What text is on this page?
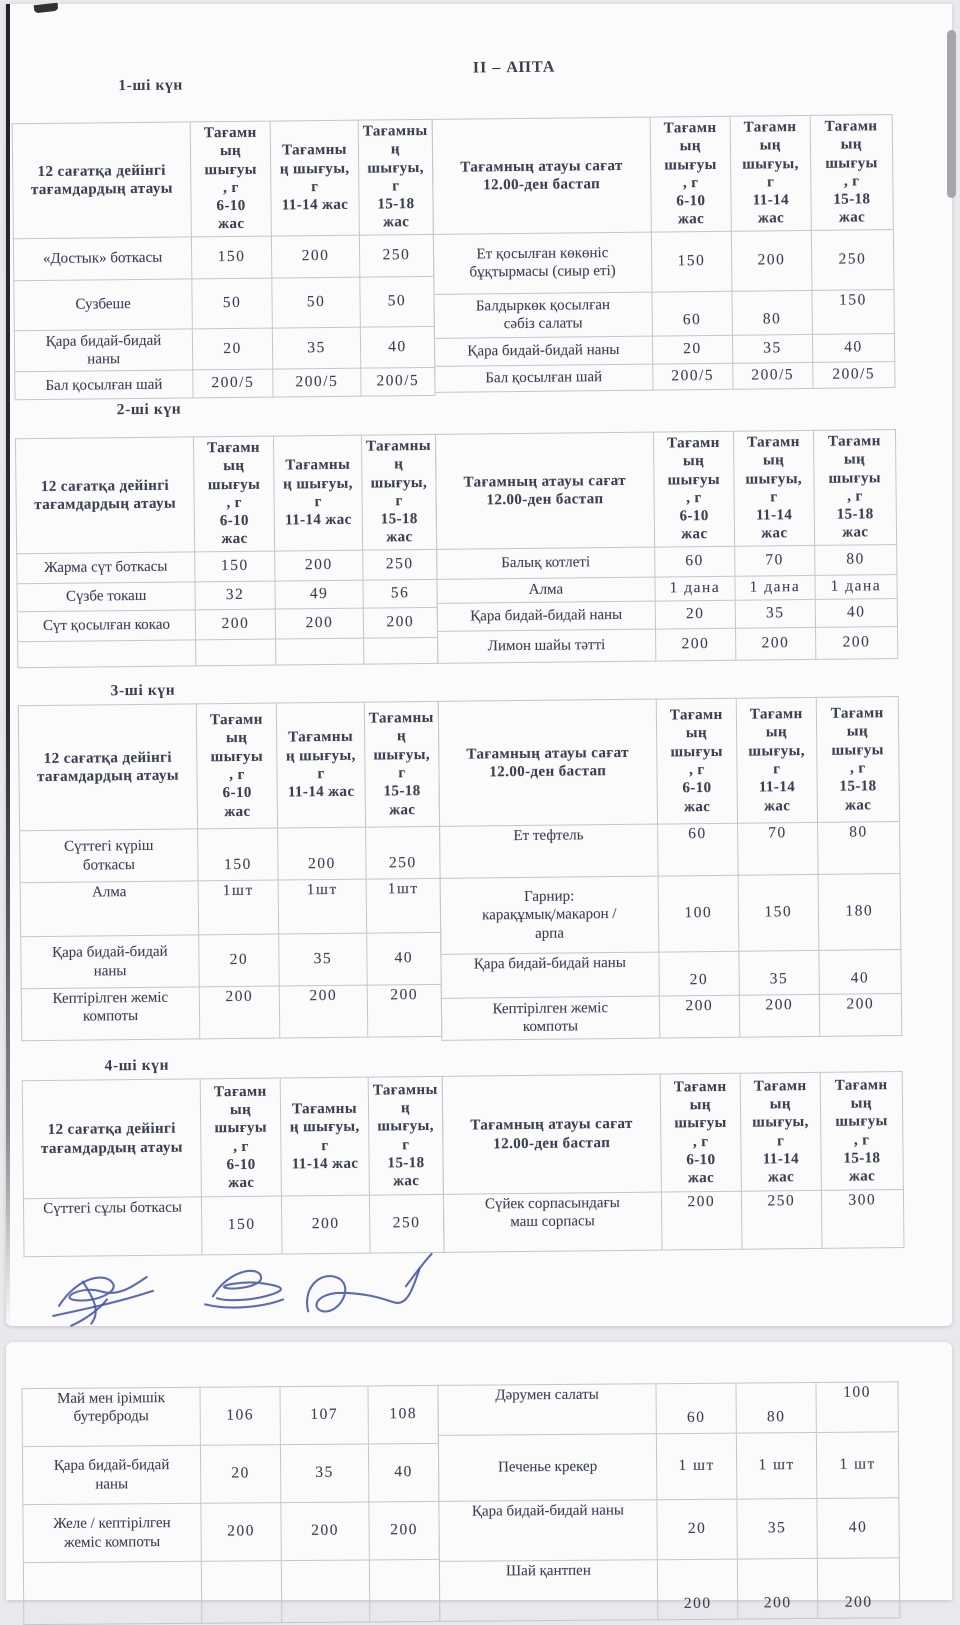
II – АПТА
1-ші күн
12 сағатқа дейінгі
тағамдардың атауы	Тағамн
ың
шығуы
, г
6-10
жас	Тағамны
ң шығуы,
г
11-14 жас	Тағамны
ң
шығуы,
г
15-18
жас
«Достык» боткасы	150	200	250
Сузбеше	50	50	50
Қара бидай-бидай
наны	20	35	40
Бал қосылған шай	200/5	200/5	200/5
Тағамның атауы сағат
12.00-ден бастап	Тағамн
ың
шығуы
, г
6-10
жас	Тағамн
ың
шығуы,
г
11-14
жас	Тағамн
ың
шығуы
, г
15-18
жас
Ет қосылған көкөніс
бұқтырмасы (сиыр еті)	150	200	250
Балдыркөк қосылған
сәбіз салаты	60	80	150
Қара бидай-бидай наны	20	35	40
Бал қосылған шай	200/5	200/5	200/5
2-ші күн
12 сағатқа дейінгі
тағамдардың атауы	Тағамн
ың
шығуы
, г
6-10
жас	Тағамны
ң шығуы,
г
11-14 жас	Тағамны
ң
шығуы,
г
15-18
жас
Жарма сүт боткасы	150	200	250
Сүзбе токаш	32	49	56
Сүт қосылған кокао	200	200	200

Тағамның атауы сағат
12.00-ден бастап	Тағамн
ың
шығуы
, г
6-10
жас	Тағамн
ың
шығуы,
г
11-14
жас	Тағамн
ың
шығуы
, г
15-18
жас
Балық котлеті	60	70	80
Алма	1 дана	1 дана	1 дана
Қара бидай-бидай наны	20	35	40
Лимон шайы тәтті	200	200	200
3-ші күн
12 сағатқа дейінгі
тағамдардың атауы	Тағамн
ың
шығуы
, г
6-10
жас	Тағамны
ң шығуы,
г
11-14 жас	Тағамны
ң
шығуы,
г
15-18
жас
Сүттегі күріш
боткасы	150	200	250
Алма	1шт	1шт	1шт
Қара бидай-бидай
наны	20	35	40
Кептірілген жеміс
компоты	200	200	200
Тағамның атауы сағат
12.00-ден бастап	Тағамн
ың
шығуы
, г
6-10
жас	Тағамн
ың
шығуы,
г
11-14
жас	Тағамн
ың
шығуы
, г
15-18
жас
Ет тефтель	60	70	80
Гарнир:
карақұмық/макарон /
арпа	100	150	180
Қара бидай-бидай наны	20	35	40
Кептірілген жеміс
компоты	200	200	200
4-ші күн
12 сағатқа дейінгі
тағамдардың атауы	Тағамн
ың
шығуы
, г
6-10
жас	Тағамны
ң шығуы,
г
11-14 жас	Тағамны
ң
шығуы,
г
15-18
жас
Сүттегі сұлы боткасы	150	200	250
Тағамның атауы сағат
12.00-ден бастап	Тағамн
ың
шығуы
, г
6-10
жас	Тағамн
ың
шығуы,
г
11-14
жас	Тағамн
ың
шығуы
, г
15-18
жас
Сүйек сорпасындағы
маш сорпасы	200	250	300
Май мен ірімшік
бутерброды	106	107	108
Қара бидай-бидай
наны	20	35	40
Желе / кептірілген
жеміс компоты	200	200	200

Дәрумен салаты	60	80	100
Печенье крекер	1 шт	1 шт	1 шт
Қара бидай-бидай наны	20	35	40
Шай қантпен	200	200	200
